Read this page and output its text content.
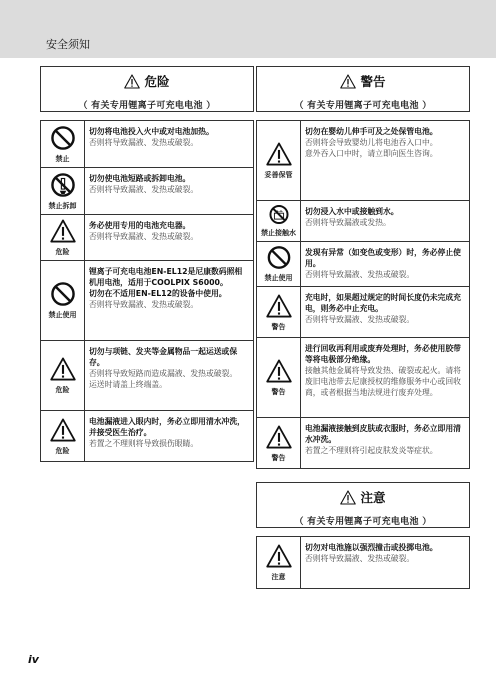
安全须知
危险
（ 有关专用锂离子可充电电池 ）
禁止
切勿将电池投入火中或对电池加热。
否则将导致漏液、发热或破裂。
禁止拆卸
切勿使电池短路或拆卸电池。
否则将导致漏液、发热或破裂。
危险
务必使用专用的电池充电器。
否则将导致漏液、发热或破裂。
禁止使用
锂离子可充电电池EN-EL12是尼康数码照相机用电池，适用于COOLPIX S6000。
切勿在不适用EN-EL12的设备中使用。
否则将导致漏液、发热或破裂。
危险
切勿与项链、发夹等金属物品一起运送或保存。
否则将导致短路而造成漏液、发热或破裂。
运送时请盖上终端盖。
危险
电池漏液进入眼内时，务必立即用清水冲洗，并接受医生治疗。
若置之不理则将导致损伤眼睛。
警告
（ 有关专用锂离子可充电电池 ）
妥善保管
切勿在婴幼儿伸手可及之处保管电池。
否则将会导致婴幼儿将电池吞入口中。
意外吞入口中时，请立即向医生咨询。
禁止接触水
切勿浸入水中或接触到水。
否则将导致漏液或发热。
禁止使用
发现有异常（如变色或变形）时，务必停止使用。
否则将导致漏液、发热或破裂。
警告
充电时，如果超过规定的时间长度仍未完成充电，则务必中止充电。
否则将导致漏液、发热或破裂。
警告
进行回收再利用或废弃处理时，务必使用胶带等将电极部分绝缘。
接触其他金属将导致发热、破裂或起火。请将废旧电池带去尼康授权的维修服务中心或回收商，或者根据当地法规进行废弃处理。
警告
电池漏液接触到皮肤或衣服时，务必立即用清水冲洗。
若置之不理则将引起皮肤发炎等症状。
注意
（ 有关专用锂离子可充电电池 ）
注意
切勿对电池施以强烈撞击或投掷电池。
否则将导致漏液、发热或破裂。
iv
